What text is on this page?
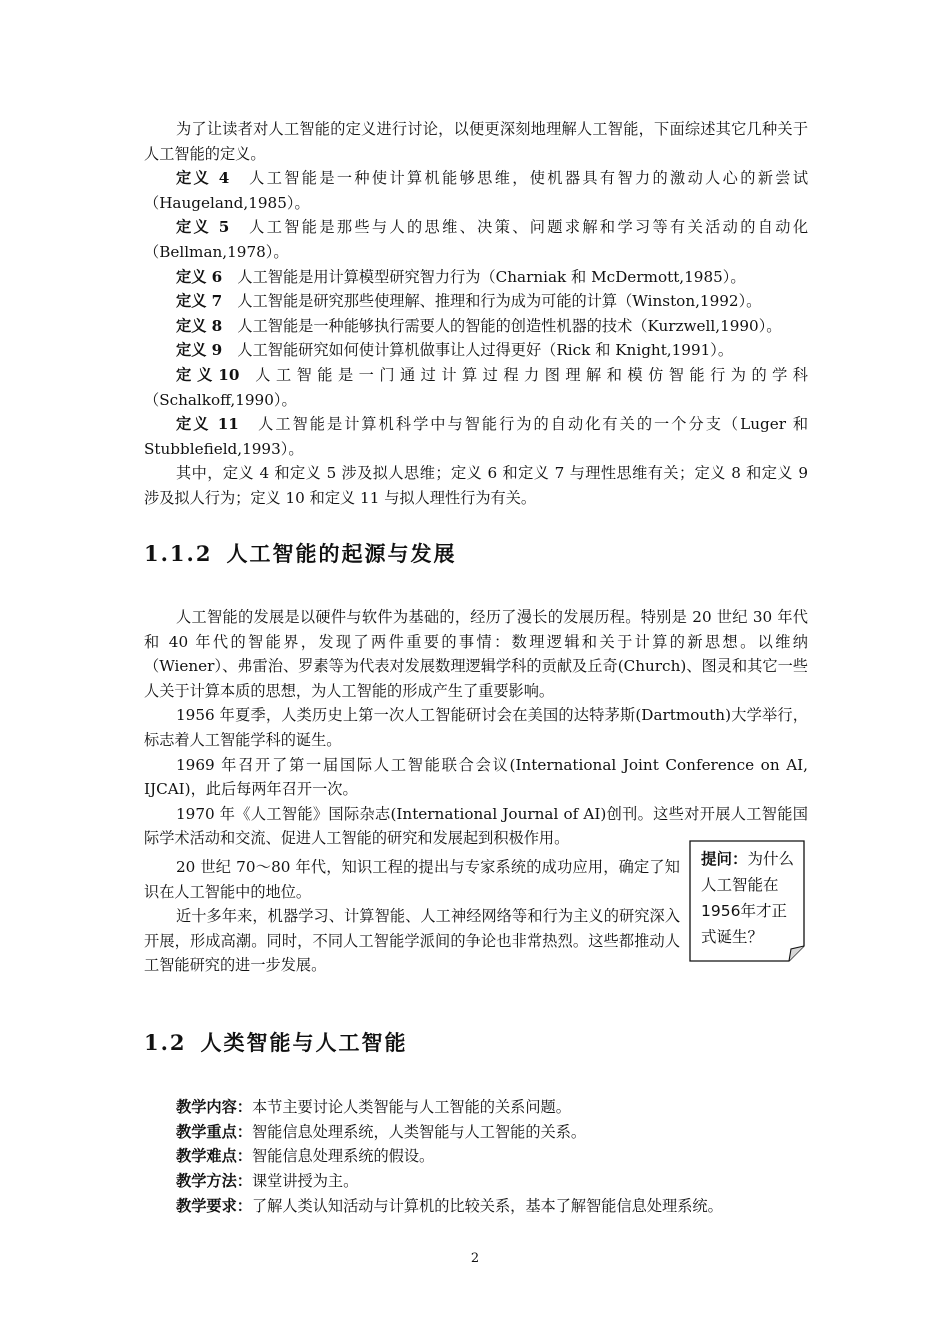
为了让读者对人工智能的定义进行讨论，以便更深刻地理解人工智能，下面综述其它几种关于人工智能的定义。

定义 4　 人工智能是一种使计算机能够思维，使机器具有智力的激动人心的新尝试（Haugeland,1985）。

定义 5　 人工智能是那些与人的思维、决策、问题求解和学习等有关活动的自动化（Bellman,1978）。

定义 6　 人工智能是用计算模型研究智力行为（Charniak 和 McDermott,1985）。

定义 7　 人工智能是研究那些使理解、推理和行为成为可能的计算（Winston,1992）。

定义 8　 人工智能是一种能够执行需要人的智能的创造性机器的技术（Kurzwell,1990）。

定义 9　 人工智能研究如何使计算机做事让人过得更好（Rick 和 Knight,1991）。

定 义 10　 人 工 智 能 是 一 门 通 过 计 算 过 程 力 图 理 解 和 模 仿 智 能 行 为 的 学 科（Schalkoff,1990）。

定义 11　 人工智能是计算机科学中与智能行为的自动化有关的一个分支（Luger 和 Stubblefield,1993）。

其中，定义 4 和定义 5 涉及拟人思维；定义 6 和定义 7 与理性思维有关；定义 8 和定义 9 涉及拟人行为；定义 10 和定义 11 与拟人理性行为有关。

1.1.2 人工智能的起源与发展

人工智能的发展是以硬件与软件为基础的，经历了漫长的发展历程。特别是 20 世纪 30 年代和 40 年代的智能界，发现了两件重要的事情：数理逻辑和关于计算的新思想。以维纳（Wiener）、弗雷治、罗素等为代表对发展数理逻辑学科的贡献及丘奇(Church)、图灵和其它一些人关于计算本质的思想，为人工智能的形成产生了重要影响。

1956 年夏季，人类历史上第一次人工智能研讨会在美国的达特茅斯(Dartmouth)大学举行，标志着人工智能学科的诞生。

1969 年召开了第一届国际人工智能联合会议(International Joint Conference on AI, IJCAI)，此后每两年召开一次。

1970 年《人工智能》国际杂志(International Journal of AI)创刊。这些对开展人工智能国际学术活动和交流、促进人工智能的研究和发展起到积极作用。

20 世纪 70～80 年代，知识工程的提出与专家系统的成功应用，确定了知识在人工智能中的地位。

近十多年来，机器学习、计算智能、人工神经网络等和行为主义的研究深入开展，形成高潮。同时，不同人工智能学派间的争论也非常热烈。这些都推动人工智能研究的进一步发展。

提问：为什么人工智能在1956年才正式诞生？
1.2 人类智能与人工智能
教学内容：本节主要讨论人类智能与人工智能的关系问题。
教学重点：智能信息处理系统，人类智能与人工智能的关系。
教学难点：智能信息处理系统的假设。
教学方法：课堂讲授为主。
教学要求：了解人类认知活动与计算机的比较关系，基本了解智能信息处理系统。
2
